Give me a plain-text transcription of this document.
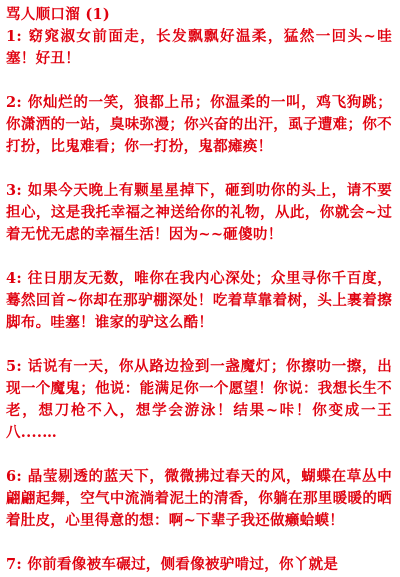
骂人顺口溜 (1)

1: 窈窕淑女前面走，长发飘飘好温柔，猛然一回头~哇塞！好丑！

2: 你灿烂的一笑，狼都上吊；你温柔的一叫，鸡飞狗跳；你潇洒的一站，臭味弥漫；你兴奋的出汗，虱子遭难；你不打扮，比鬼难看；你一打扮，鬼都瘫痪！

3: 如果今天晚上有颗星星掉下，砸到叻你的头上，请不要担心，这是我托幸福之神送给你的礼物，从此，你就会~过着无忧无虑的幸福生活！因为~~砸傻叻！

4: 往日朋友无数，唯你在我内心深处；众里寻你千百度，蓦然回首~你却在那驴棚深处！吃着草靠着树，头上裹着擦脚布。哇塞！谁家的驴这么酷！

5: 话说有一天，你从路边捡到一盏魔灯；你擦叻一擦，出现一个魔鬼；他说：能满足你一个愿望！你说：我想长生不老，想刀枪不入，想学会游泳！结果~咔！你变成一王八....…

6: 晶莹剔透的蓝天下，微微拂过春天的风，蝴蝶在草丛中翩翩起舞，空气中流淌着泥土的清香，你躺在那里暖暖的晒着肚皮，心里得意的想：啊~下辈子我还做癞蛤蟆！

7: 你前看像被车碾过，侧看像被驴啃过，你丫就是
